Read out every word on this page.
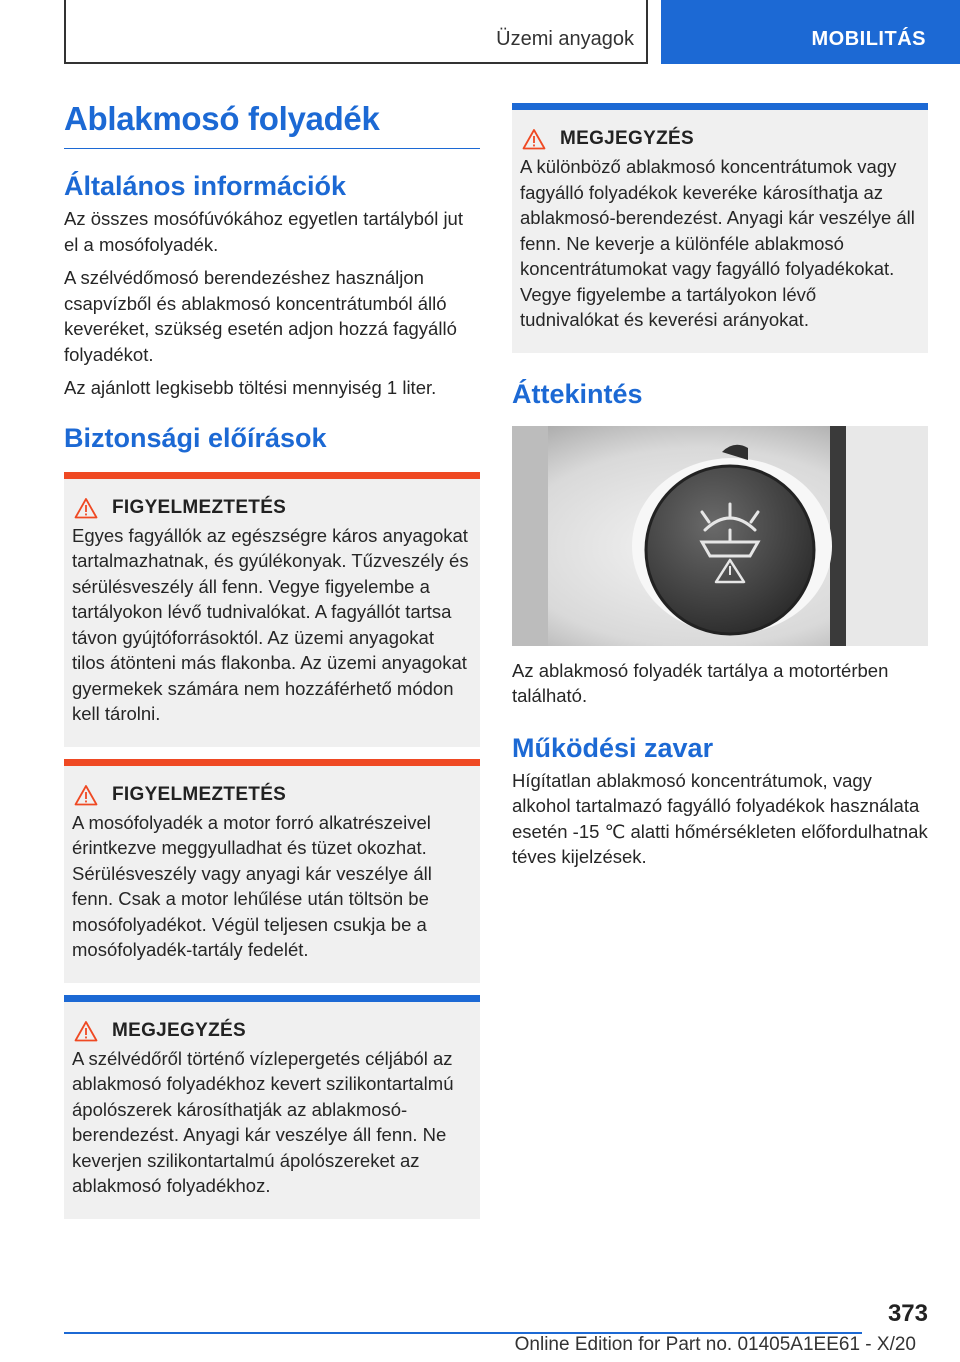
Üzemi anyagok	MOBILITÁS
Ablakmosó folyadék
Általános információk

Az összes mosófúvókához egyetlen tartályból jut el a mosófolyadék.

A szélvédőmosó berendezéshez használjon csapvízből és ablakmosó koncentrátumból álló keveréket, szükség esetén adjon hozzá fagyálló folyadékot.

Az ajánlott legkisebb töltési mennyiség 1 liter.

Biztonsági előírások
FIGYELMEZTETÉS

Egyes fagyállók az egészségre káros anyagokat tartalmazhatnak, és gyúlékonyak. Tűzveszély és sérülésveszély áll fenn. Vegye figyelembe a tartályokon lévő tudnivalókat. A fagyállót tartsa távon gyújtóforrásoktól. Az üzemi anyagokat tilos átönteni más flakonba. Az üzemi anyagokat gyermekek számára nem hozzáférhető módon kell tárolni.

FIGYELMEZTETÉS

A mosófolyadék a motor forró alkatrészeivel érintkezve meggyulladhat és tüzet okozhat. Sérülésveszély vagy anyagi kár veszélye áll fenn. Csak a motor lehűlése után töltsön be mosófolyadékot. Végül teljesen csukja be a mosófolyadék-tartály fedelét.

MEGJEGYZÉS

A szélvédőről történő vízlepergetés céljából az ablakmosó folyadékhoz kevert szilikontartalmú ápolószerek károsíthatják az ablakmosó-berendezést. Anyagi kár veszélye áll fenn. Ne keverjen szilikontartalmú ápolószereket az ablakmosó folyadékhoz.

MEGJEGYZÉS

A különböző ablakmosó koncentrátumok vagy fagyálló folyadékok keveréke károsíthatja az ablakmosó-berendezést. Anyagi kár veszélye áll fenn. Ne keverje a különféle ablakmosó koncentrátumokat vagy fagyálló folyadékokat. Vegye figyelembe a tartályokon lévő tudnivalókat és keverési arányokat.

Áttekintés

Az ablakmosó folyadék tartálya a motortérben található.

Működési zavar

Hígítatlan ablakmosó koncentrátumok, vagy alkohol tartalmazó fagyálló folyadékok használata esetén -15 ℃ alatti hőmérsékleten előfordulhatnak téves kijelzések.

373
Online Edition for Part no. 01405A1EE61 - X/20
